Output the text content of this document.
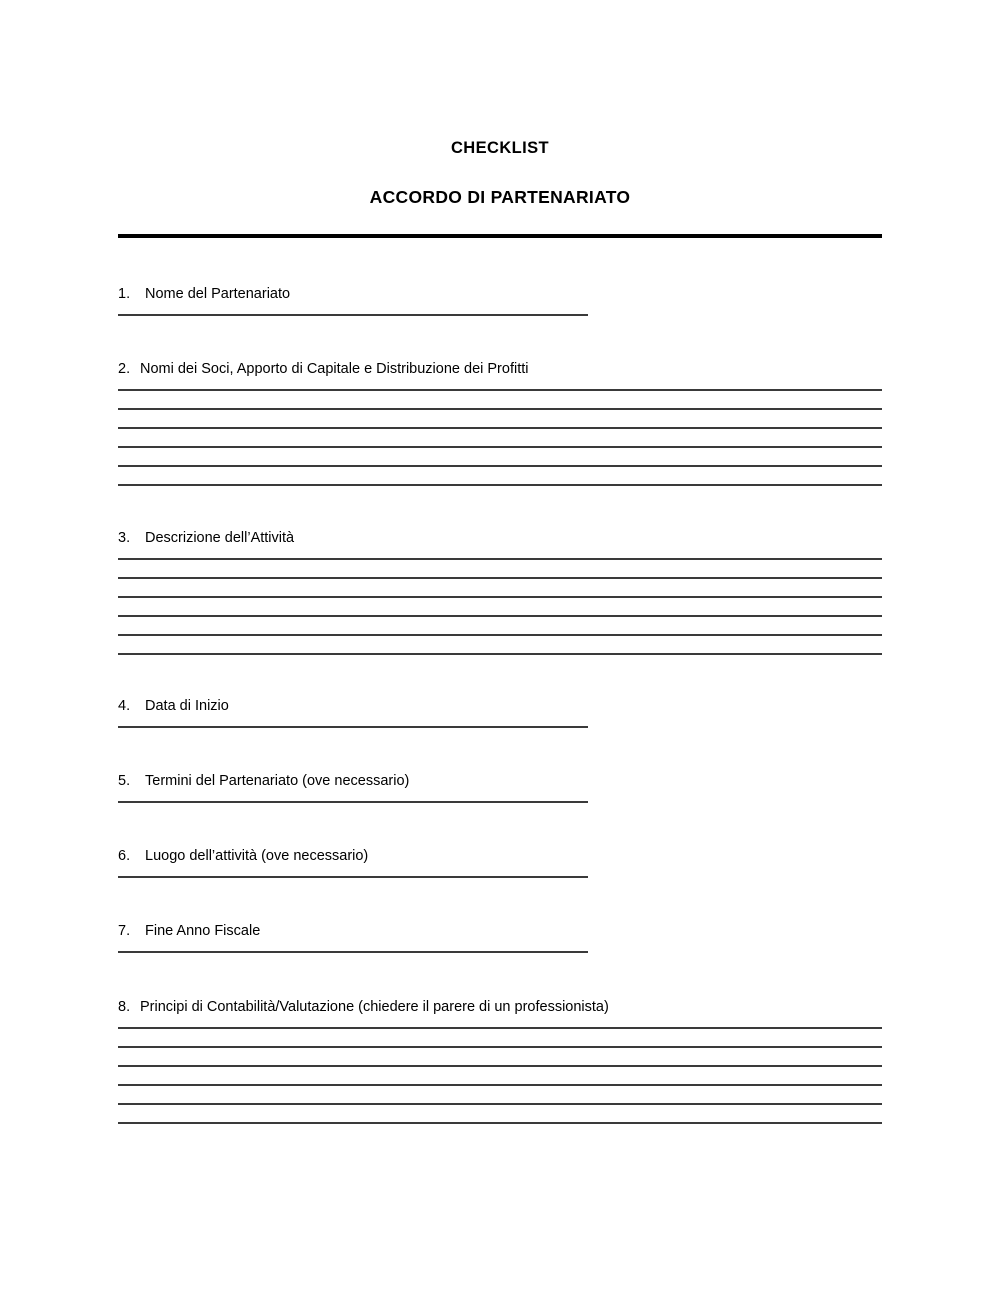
CHECKLIST
ACCORDO DI PARTENARIATO
1.	Nome del Partenariato
2. Nomi dei Soci, Apporto di Capitale e Distribuzione dei Profitti
3.	Descrizione dell’Attività
4.	Data di Inizio
5.	Termini del Partenariato (ove necessario)
6.	Luogo dell’attività (ove necessario)
7.	Fine Anno Fiscale
8. Principi di Contabilità/Valutazione (chiedere il parere di un professionista)
